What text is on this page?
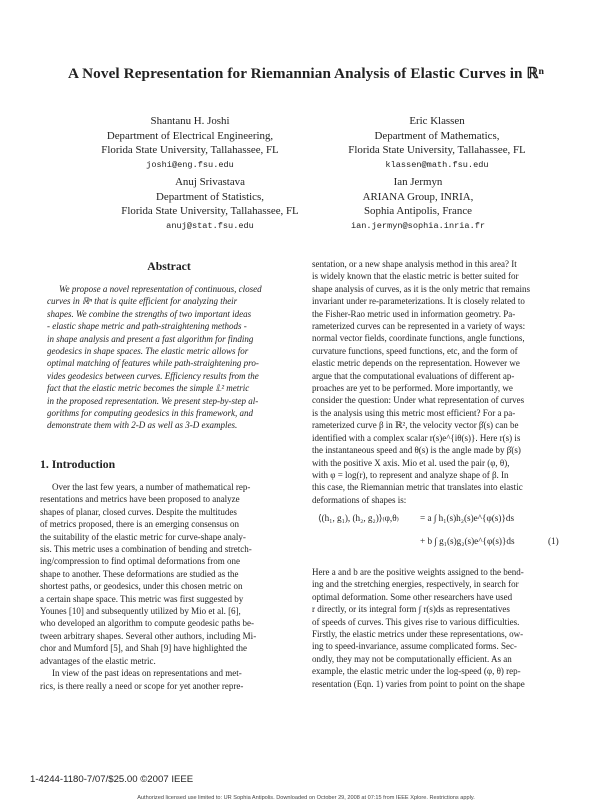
A Novel Representation for Riemannian Analysis of Elastic Curves in ℝⁿ
Shantanu H. Joshi
Department of Electrical Engineering,
Florida State University, Tallahassee, FL
joshi@eng.fsu.edu
Eric Klassen
Department of Mathematics,
Florida State University, Tallahassee, FL
klassen@math.fsu.edu
Anuj Srivastava
Department of Statistics,
Florida State University, Tallahassee, FL
anuj@stat.fsu.edu
Ian Jermyn
ARIANA Group, INRIA,
Sophia Antipolis, France
ian.jermyn@sophia.inria.fr
Abstract
We propose a novel representation of continuous, closed
curves in ℝⁿ that is quite efficient for analyzing their
shapes. We combine the strengths of two important ideas
- elastic shape metric and path-straightening methods -
in shape analysis and present a fast algorithm for finding
geodesics in shape spaces. The elastic metric allows for
optimal matching of features while path-straightening pro-
vides geodesics between curves. Efficiency results from the
fact that the elastic metric becomes the simple 𝕃² metric
in the proposed representation. We present step-by-step al-
gorithms for computing geodesics in this framework, and
demonstrate them with 2-D as well as 3-D examples.
1. Introduction
Over the last few years, a number of mathematical rep-
resentations and metrics have been proposed to analyze
shapes of planar, closed curves. Despite the multitudes
of metrics proposed, there is an emerging consensus on
the suitability of the elastic metric for curve-shape analy-
sis. This metric uses a combination of bending and stretch-
ing/compression to find optimal deformations from one
shape to another. These deformations are studied as the
shortest paths, or geodesics, under this chosen metric on
a certain shape space. This metric was first suggested by
Younes [10] and subsequently utilized by Mio et al. [6],
who developed an algorithm to compute geodesic paths be-
tween arbitrary shapes. Several other authors, including Mi-
chor and Mumford [5], and Shah [9] have highlighted the
advantages of the elastic metric.
In view of the past ideas on representations and met-
rics, is there really a need or scope for yet another repre-
sentation, or a new shape analysis method in this area? It
is widely known that the elastic metric is better suited for
shape analysis of curves, as it is the only metric that remains
invariant under re-parameterizations. It is closely related to
the Fisher-Rao metric used in information geometry. Pa-
rameterized curves can be represented in a variety of ways:
normal vector fields, coordinate functions, angle functions,
curvature functions, speed functions, etc, and the form of
elastic metric depends on the representation. However we
argue that the computational evaluations of different ap-
proaches are yet to be performed. More importantly, we
consider the question: Under what representation of curves
is the analysis using this metric most efficient? For a pa-
rameterized curve β in ℝ², the velocity vector β̇(s) can be
identified with a complex scalar r(s)e^{iθ(s)}. Here r(s) is
the instantaneous speed and θ(s) is the angle made by β̇(s)
with the positive X axis. Mio et al. used the pair (φ, θ),
with φ = log(r), to represent and analyze shape of β. In
this case, the Riemannian metric that translates into elastic
deformations of shapes is:
⟨(h₁, g₁), (h₂, g₂)⟩₍φ,θ₎ = a ∫ h₁(s)h₂(s)e^{φ(s)}ds
+ b ∫ g₁(s)g₂(s)e^{φ(s)}ds	(1)
Here a and b are the positive weights assigned to the bend-
ing and the stretching energies, respectively, in search for
optimal deformation. Some other researchers have used
r directly, or its integral form ∫ r(s)ds as representatives
of speeds of curves. This gives rise to various difficulties.
Firstly, the elastic metrics under these representations, ow-
ing to speed-invariance, assume complicated forms. Sec-
ondly, they may not be computationally efficient. As an
example, the elastic metric under the log-speed (φ, θ) rep-
resentation (Eqn. 1) varies from point to point on the shape
1-4244-1180-7/07/$25.00 ©2007 IEEE
Authorized licensed use limited to: UR Sophia Antipolis. Downloaded on October 29, 2008 at 07:15 from IEEE Xplore. Restrictions apply.
